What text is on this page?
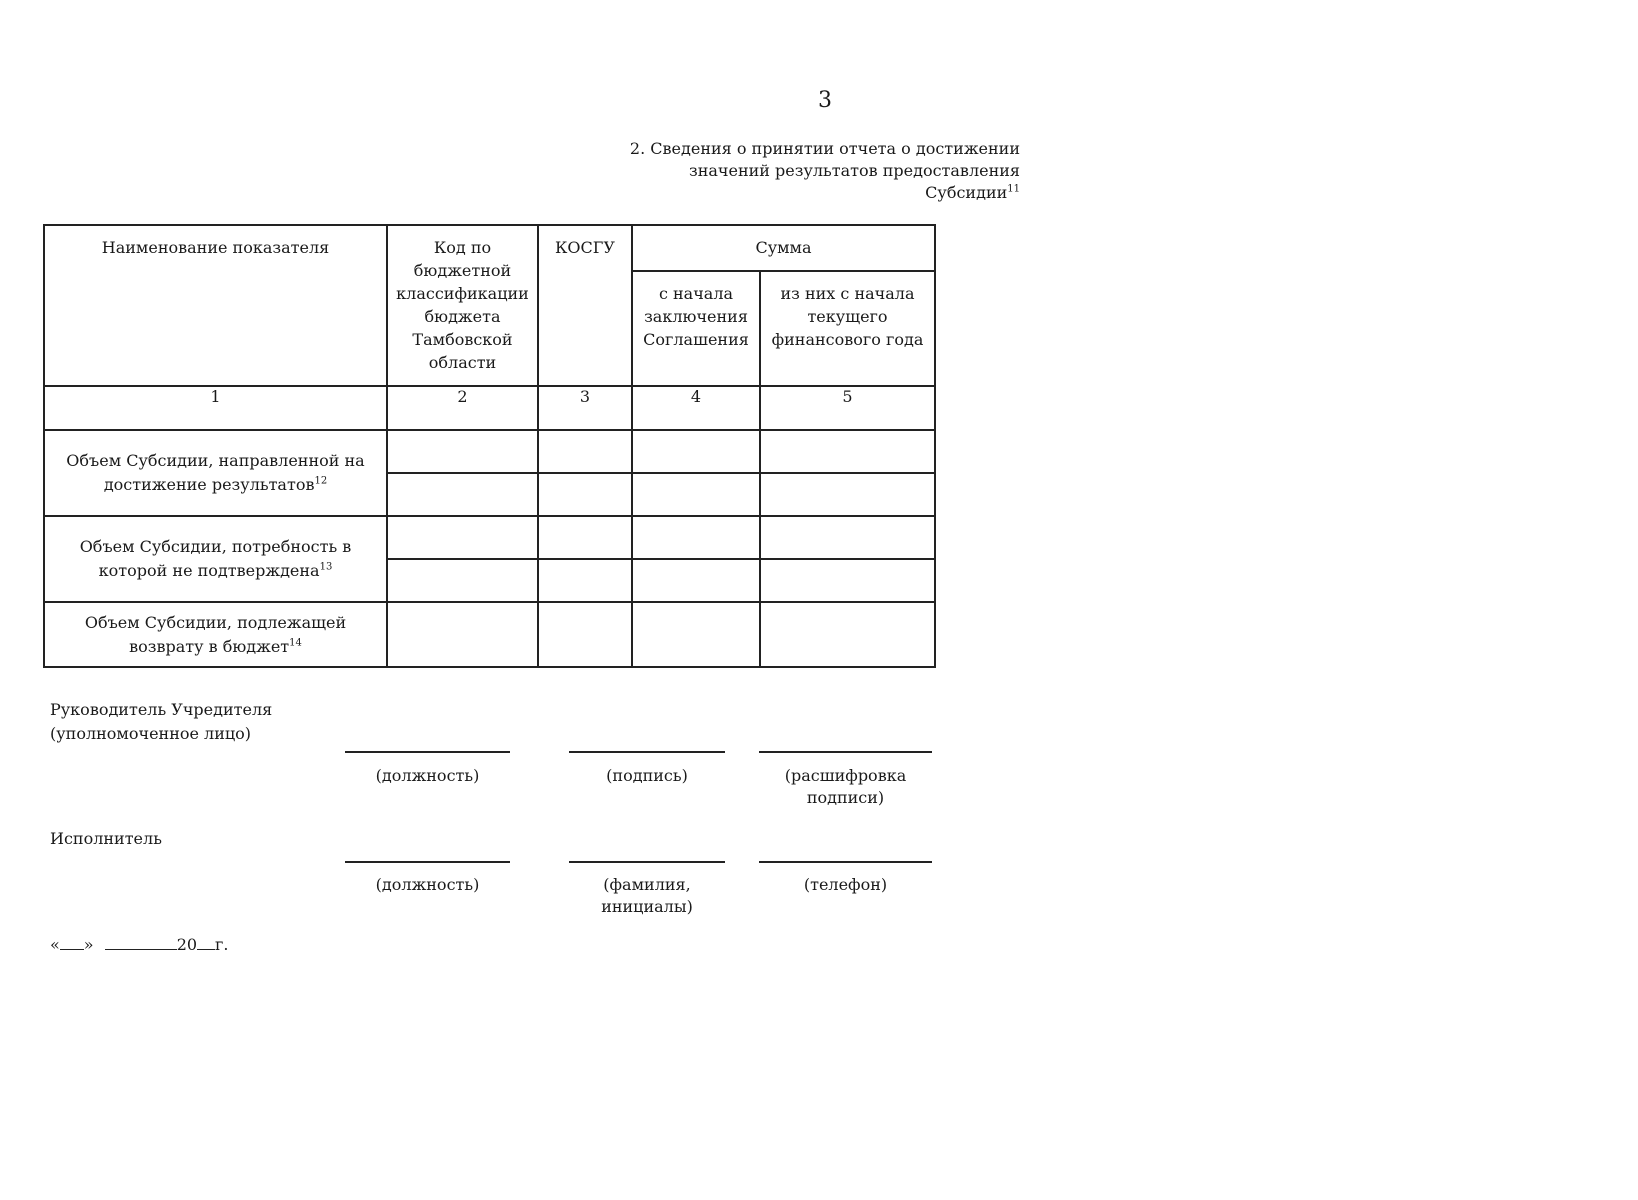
3
2. Сведения о принятии отчета о достижении
значений результатов предоставления
Субсидии$^{11}$
Наименование показателя	Код по бюджетной классификации бюджета Тамбовской области	КОСГУ	Сумма	
			с начала заключения Соглашения	из них с начала текущего финансового года
1	2	3	4	5
Объем Субсидии, направленной на достижение результатов$^{12}$				

Объем Субсидии, потребность в которой не подтверждена$^{13}$				

Объем Субсидии, подлежащей возврату в бюджет$^{14}$				
Руководитель Учредителя
(уполномоченное лицо)
(должность)	(подпись)	(расшифровка
подписи)
Исполнитель
(должность)	(фамилия,
инициалы)
(телефон)
« »	20 г.
